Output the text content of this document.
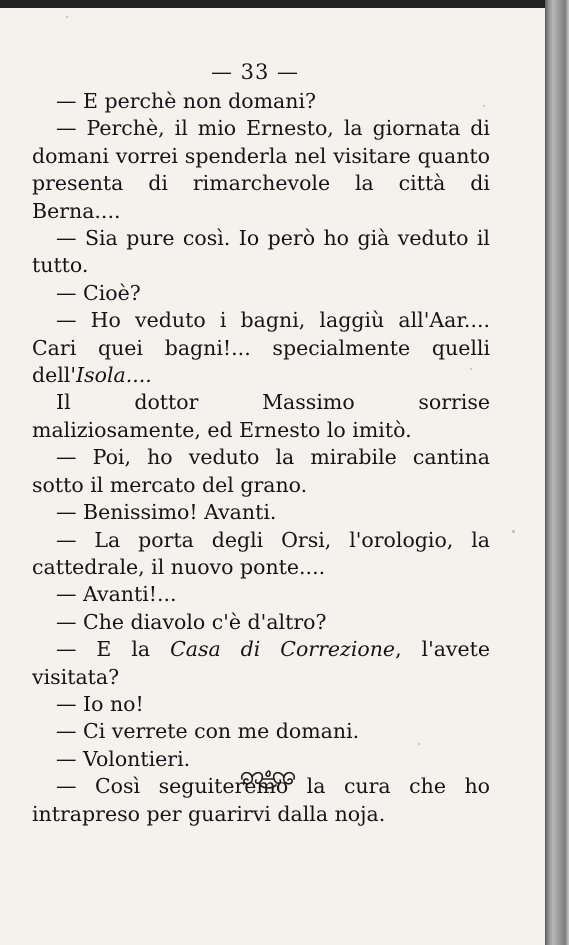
— 33 —

— E perchè non domani?

— Perchè, il mio Ernesto, la giornata di domani vorrei spenderla nel visitare quanto presenta di rimarchevole la città di Berna....

— Sia pure così. Io però ho già veduto il tutto.

— Cioè?

— Ho veduto i bagni, laggiù all'Aar.... Cari quei bagni!... specialmente quelli dell'Isola....

Il dottor Massimo sorrise maliziosamente, ed Ernesto lo imitò.

— Poi, ho veduto la mirabile cantina sotto il mercato del grano.

— Benissimo! Avanti.

— La porta degli Orsi, l'orologio, la cattedrale, il nuovo ponte....

— Avanti!...

— Che diavolo c'è d'altro?

— E la Casa di Correzione, l'avete visitata?

— Io no!

— Ci verrete con me domani.

— Volontieri.

— Così seguiteremo la cura che ho intrapreso per guarirvi dalla noja.
